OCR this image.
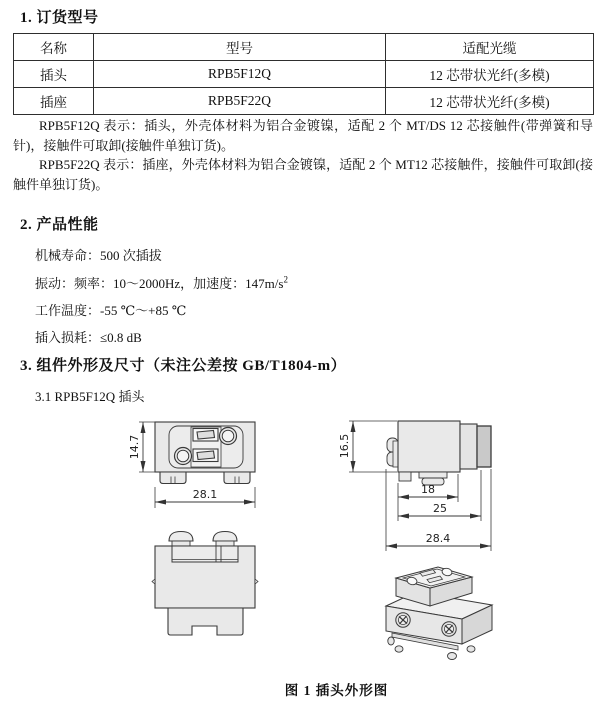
1. 订货型号
名称	型号	适配光缆
插头	RPB5F12Q	12 芯带状光纤(多模)
插座	RPB5F22Q	12 芯带状光纤(多模)

RPB5F12Q 表示：插头，外壳体材料为铝合金镀镍，适配 2 个 MT/DS 12 芯接触件(带弹簧和导针)，接触件可取卸(接触件单独订货)。

RPB5F22Q 表示：插座，外壳体材料为铝合金镀镍，适配 2 个 MT12 芯接触件，接触件可取卸(接触件单独订货)。

2. 产品性能
机械寿命：500 次插拔
振动：频率：10～2000Hz，加速度：$147m/s^2$
工作温度：-55 ℃～+85 ℃
插入损耗：≤0.8 dB
3. 组件外形及尺寸（未注公差按 GB/T1804-m）
3.1 RPB5F12Q 插头
14.7
28.1
16.5
18
25
28.4
图 1 插头外形图
